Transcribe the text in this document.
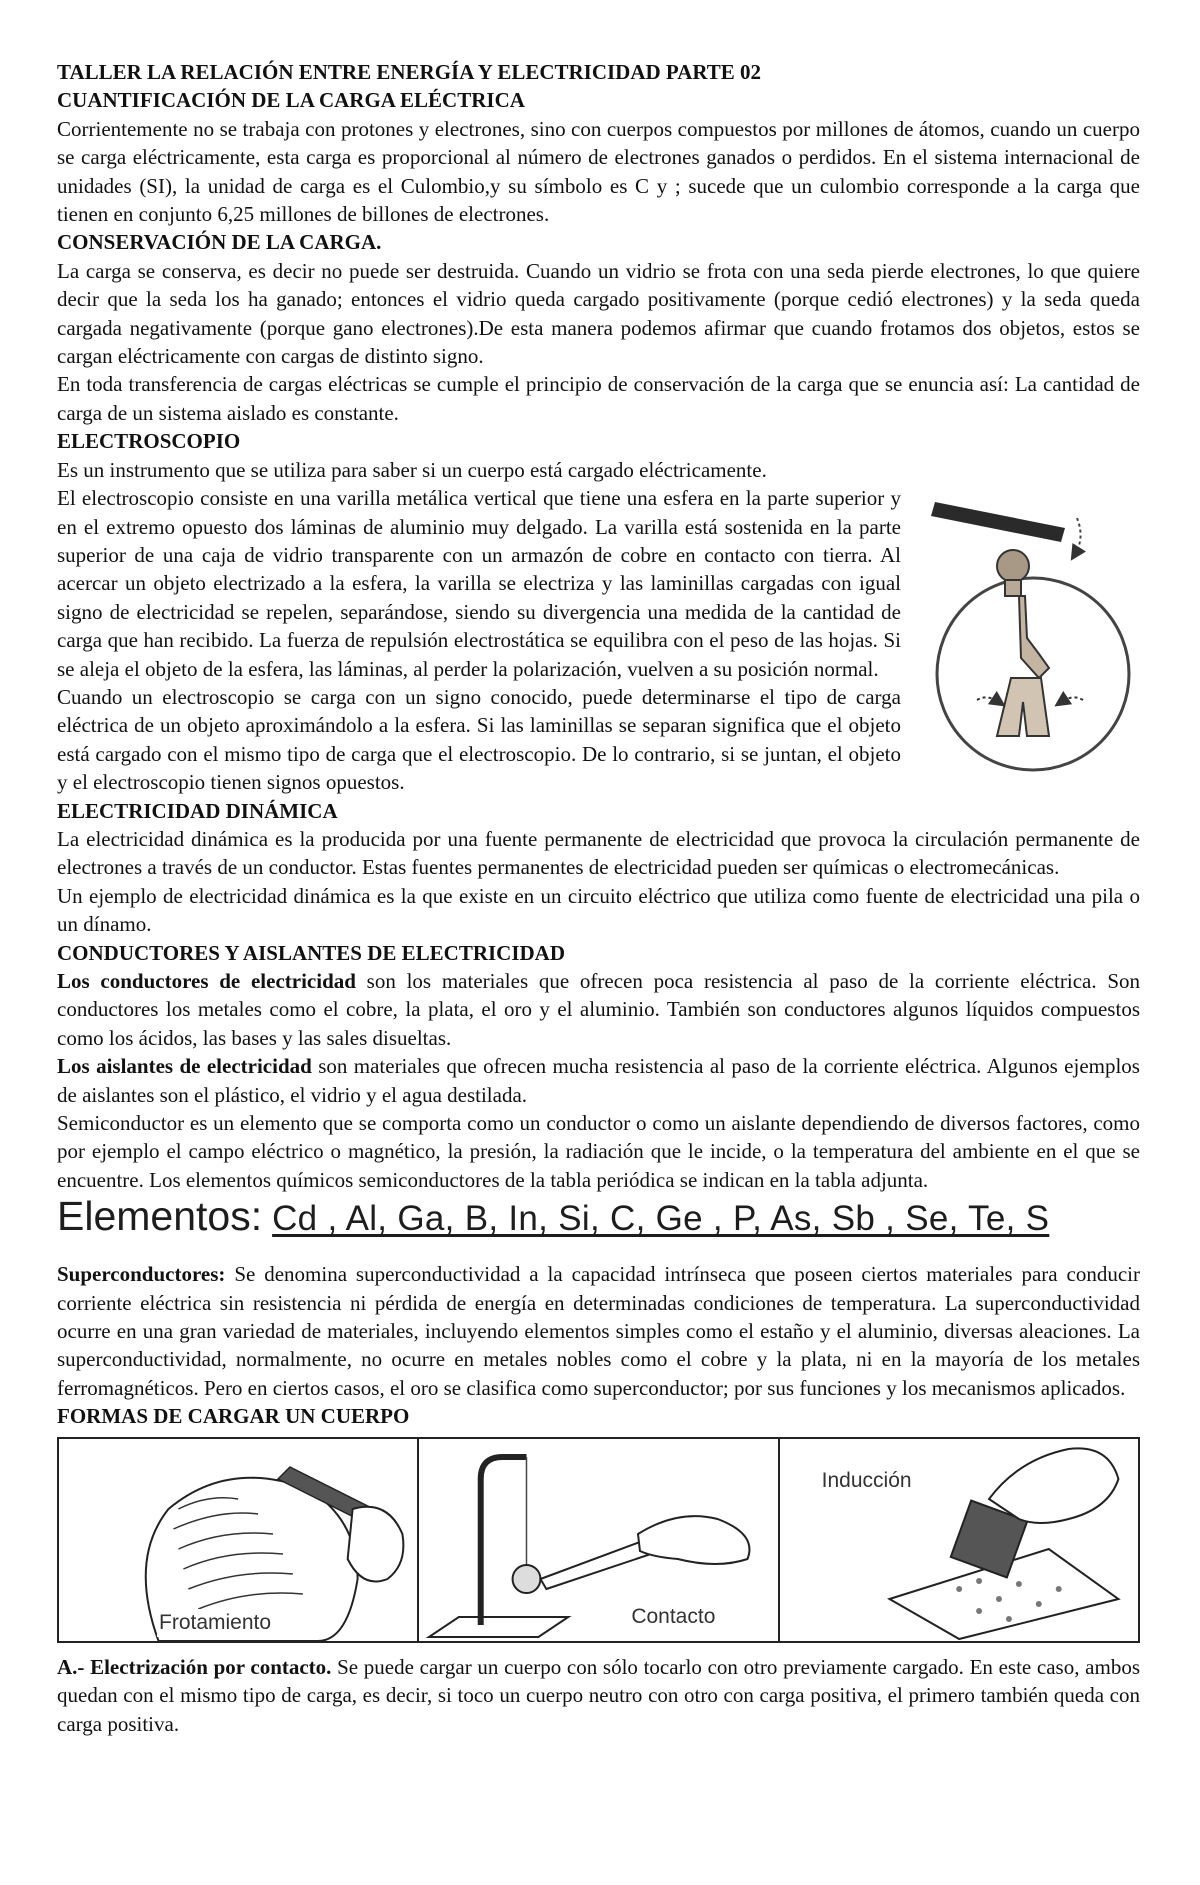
TALLER LA RELACIÓN ENTRE ENERGÍA Y ELECTRICIDAD PARTE 02
CUANTIFICACIÓN DE LA CARGA ELÉCTRICA

Corrientemente no se trabaja con protones y electrones, sino con cuerpos compuestos por millones de átomos, cuando un cuerpo se carga eléctricamente, esta carga es proporcional al número de electrones ganados o perdidos. En el sistema internacional de unidades (SI), la unidad de carga es el Culombio,y su símbolo es C y ; sucede que un culombio corresponde a la carga que tienen en conjunto 6,25 millones de billones de electrones.

CONSERVACIÓN DE LA CARGA.

La carga se conserva, es decir no puede ser destruida. Cuando un vidrio se frota con una seda pierde electrones, lo que quiere decir que la seda los ha ganado; entonces el vidrio queda cargado positivamente (porque cedió electrones) y la seda queda cargada negativamente (porque gano electrones).De esta manera podemos afirmar que cuando frotamos dos objetos, estos se cargan eléctricamente con cargas de distinto signo.

En toda transferencia de cargas eléctricas se cumple el principio de conservación de la carga que se enuncia así: La cantidad de carga de un sistema aislado es constante.

ELECTROSCOPIO

Es un instrumento que se utiliza para saber si un cuerpo está cargado eléctricamente.

El electroscopio consiste en una varilla metálica vertical que tiene una esfera en la parte superior y en el extremo opuesto dos láminas de aluminio muy delgado. La varilla está sostenida en la parte superior de una caja de vidrio transparente con un armazón de cobre en contacto con tierra. Al acercar un objeto electrizado a la esfera, la varilla se electriza y las laminillas cargadas con igual signo de electricidad se repelen, separándose, siendo su divergencia una medida de la cantidad de carga que han recibido. La fuerza de repulsión electrostática se equilibra con el peso de las hojas. Si se aleja el objeto de la esfera, las láminas, al perder la polarización, vuelven a su posición normal.

Cuando un electroscopio se carga con un signo conocido, puede determinarse el tipo de carga eléctrica de un objeto aproximándolo a la esfera. Si las laminillas se separan significa que el objeto está cargado con el mismo tipo de carga que el electroscopio. De lo contrario, si se juntan, el objeto y el electroscopio tienen signos opuestos.

ELECTRICIDAD DINÁMICA

La electricidad dinámica es la producida por una fuente permanente de electricidad que provoca la circulación permanente de electrones a través de un conductor. Estas fuentes permanentes de electricidad pueden ser químicas o electromecánicas.

Un ejemplo de electricidad dinámica es la que existe en un circuito eléctrico que utiliza como fuente de electricidad una pila o un dínamo.

CONDUCTORES Y AISLANTES DE ELECTRICIDAD

Los conductores de electricidad son los materiales que ofrecen poca resistencia al paso de la corriente eléctrica. Son conductores los metales como el cobre, la plata, el oro y el aluminio. También son conductores algunos líquidos compuestos como los ácidos, las bases y las sales disueltas.

Los aislantes de electricidad son materiales que ofrecen mucha resistencia al paso de la corriente eléctrica. Algunos ejemplos de aislantes son el plástico, el vidrio y el agua destilada.

Semiconductor es un elemento que se comporta como un conductor o como un aislante dependiendo de diversos factores, como por ejemplo el campo eléctrico o magnético, la presión, la radiación que le incide, o la temperatura del ambiente en el que se encuentre. Los elementos químicos semiconductores de la tabla periódica se indican en la tabla adjunta.

Elementos: Cd , Al, Ga, B, In, Si, C, Ge , P, As, Sb , Se, Te, S

Superconductores: Se denomina superconductividad a la capacidad intrínseca que poseen ciertos materiales para conducir corriente eléctrica sin resistencia ni pérdida de energía en determinadas condiciones de temperatura. La superconductividad ocurre en una gran variedad de materiales, incluyendo elementos simples como el estaño y el aluminio, diversas aleaciones. La superconductividad, normalmente, no ocurre en metales nobles como el cobre y la plata, ni en la mayoría de los metales ferromagnéticos. Pero en ciertos casos, el oro se clasifica como superconductor; por sus funciones y los mecanismos aplicados.

FORMAS DE CARGAR UN CUERPO
Frotamiento	Contacto
Inducción

A.- Electrización por contacto. Se puede cargar un cuerpo con sólo tocarlo con otro previamente cargado. En este caso, ambos quedan con el mismo tipo de carga, es decir, si toco un cuerpo neutro con otro con carga positiva, el primero también queda con carga positiva.
